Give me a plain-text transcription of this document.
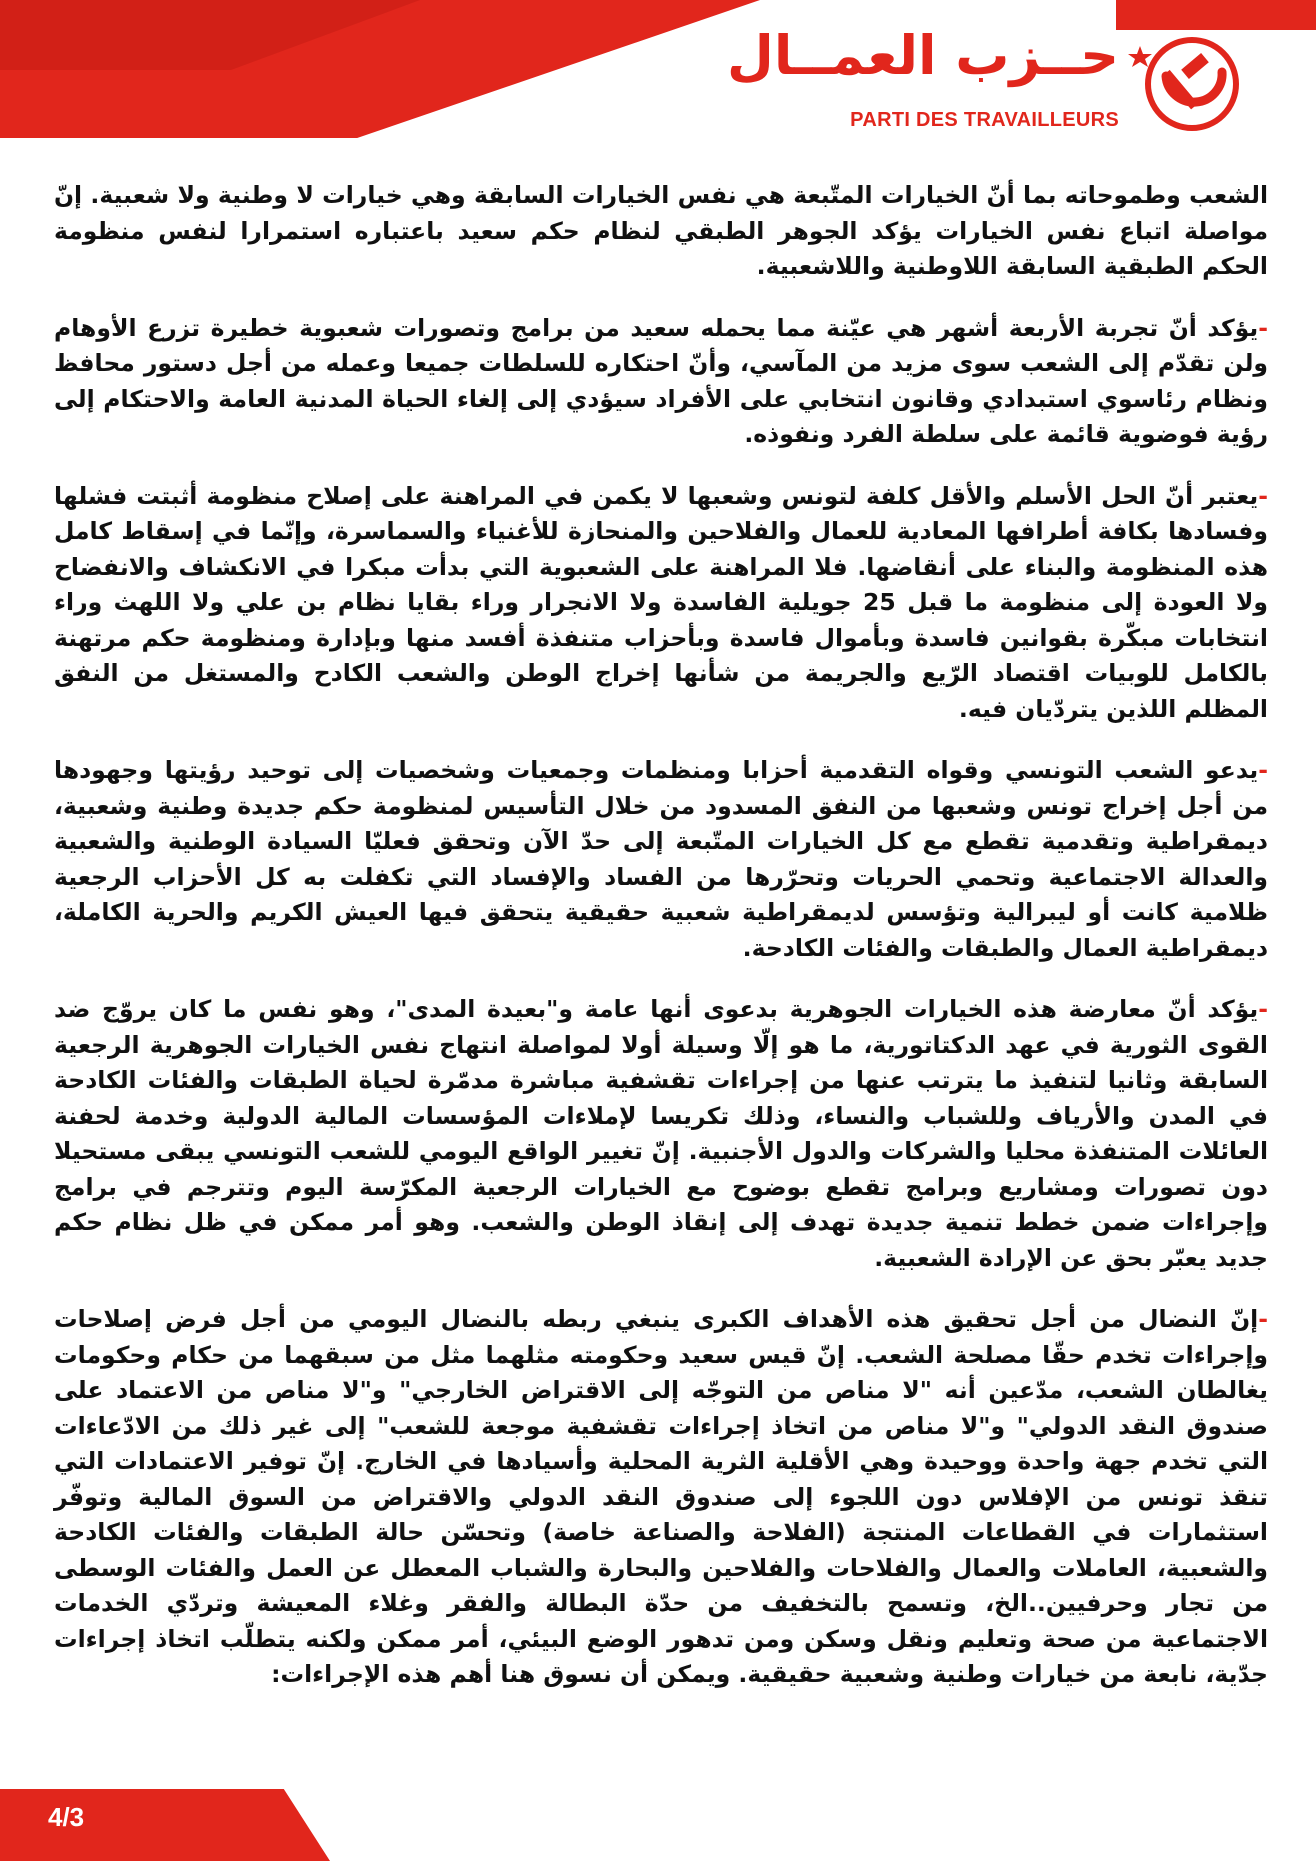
حــزب العمــال
PARTI DES TRAVAILLEURS

الشعب وطموحاته بما أنّ الخيارات المتّبعة هي نفس الخيارات السابقة وهي خيارات لا وطنية ولا شعبية. إنّ مواصلة اتباع نفس الخيارات يؤكد الجوهر الطبقي لنظام حكم سعيد باعتباره استمرارا لنفس منظومة الحكم الطبقية السابقة اللاوطنية واللاشعبية.

-يؤكد أنّ تجربة الأربعة أشهر هي عيّنة مما يحمله سعيد من برامج وتصورات شعبوية خطيرة تزرع الأوهام ولن تقدّم إلى الشعب سوى مزيد من المآسي، وأنّ احتكاره للسلطات جميعا وعمله من أجل دستور محافظ ونظام رئاسوي استبدادي وقانون انتخابي على الأفراد سيؤدي إلى إلغاء الحياة المدنية العامة والاحتكام إلى رؤية فوضوية قائمة على سلطة الفرد ونفوذه.

-يعتبر أنّ الحل الأسلم والأقل كلفة لتونس وشعبها لا يكمن في المراهنة على إصلاح منظومة أثبتت فشلها وفسادها بكافة أطرافها المعادية للعمال والفلاحين والمنحازة للأغنياء والسماسرة، وإنّما في إسقاط كامل هذه المنظومة والبناء على أنقاضها. فلا المراهنة على الشعبوية التي بدأت مبكرا في الانكشاف والانفضاح ولا العودة إلى منظومة ما قبل 25 جويلية الفاسدة ولا الانجرار وراء بقايا نظام بن علي ولا اللهث وراء انتخابات مبكّرة بقوانين فاسدة وبأموال فاسدة وبأحزاب متنفذة أفسد منها وبإدارة ومنظومة حكم مرتهنة بالكامل للوبيات اقتصاد الرّيع والجريمة من شأنها إخراج الوطن والشعب الكادح والمستغل من النفق المظلم اللذين يتردّيان فيه.

-يدعو الشعب التونسي وقواه التقدمية أحزابا ومنظمات وجمعيات وشخصيات إلى توحيد رؤيتها وجهودها من أجل إخراج تونس وشعبها من النفق المسدود من خلال التأسيس لمنظومة حكم جديدة وطنية وشعبية، ديمقراطية وتقدمية تقطع مع كل الخيارات المتّبعة إلى حدّ الآن وتحقق فعليّا السيادة الوطنية والشعبية والعدالة الاجتماعية وتحمي الحريات وتحرّرها من الفساد والإفساد التي تكفلت به كل الأحزاب الرجعية ظلامية كانت أو ليبرالية وتؤسس لديمقراطية شعبية حقيقية يتحقق فيها العيش الكريم والحرية الكاملة، ديمقراطية العمال والطبقات والفئات الكادحة.

-يؤكد أنّ معارضة هذه الخيارات الجوهرية بدعوى أنها عامة و"بعيدة المدى"، وهو نفس ما كان يروّج ضد القوى الثورية في عهد الدكتاتورية، ما هو إلّا وسيلة أولا لمواصلة انتهاج نفس الخيارات الجوهرية الرجعية السابقة وثانيا لتنفيذ ما يترتب عنها من إجراءات تقشفية مباشرة مدمّرة لحياة الطبقات والفئات الكادحة في المدن والأرياف وللشباب والنساء، وذلك تكريسا لإملاءات المؤسسات المالية الدولية وخدمة لحفنة العائلات المتنفذة محليا والشركات والدول الأجنبية. إنّ تغيير الواقع اليومي للشعب التونسي يبقى مستحيلا دون تصورات ومشاريع وبرامج تقطع بوضوح مع الخيارات الرجعية المكرّسة اليوم وتترجم في برامج وإجراءات ضمن خطط تنمية جديدة تهدف إلى إنقاذ الوطن والشعب. وهو أمر ممكن في ظل نظام حكم جديد يعبّر بحق عن الإرادة الشعبية.

-إنّ النضال من أجل تحقيق هذه الأهداف الكبرى ينبغي ربطه بالنضال اليومي من أجل فرض إصلاحات وإجراءات تخدم حقّا مصلحة الشعب. إنّ قيس سعيد وحكومته مثلهما مثل من سبقهما من حكام وحكومات يغالطان الشعب، مدّعين أنه "لا مناص من التوجّه إلى الاقتراض الخارجي" و"لا مناص من الاعتماد على صندوق النقد الدولي" و"لا مناص من اتخاذ إجراءات تقشفية موجعة للشعب" إلى غير ذلك من الادّعاءات التي تخدم جهة واحدة ووحيدة وهي الأقلية الثرية المحلية وأسيادها في الخارج. إنّ توفير الاعتمادات التي تنقذ تونس من الإفلاس دون اللجوء إلى صندوق النقد الدولي والاقتراض من السوق المالية وتوفّر استثمارات في القطاعات المنتجة (الفلاحة والصناعة خاصة) وتحسّن حالة الطبقات والفئات الكادحة والشعبية، العاملات والعمال والفلاحات والفلاحين والبحارة والشباب المعطل عن العمل والفئات الوسطى من تجار وحرفيين..الخ، وتسمح بالتخفيف من حدّة البطالة والفقر وغلاء المعيشة وتردّي الخدمات الاجتماعية من صحة وتعليم ونقل وسكن ومن تدهور الوضع البيئي، أمر ممكن ولكنه يتطلّب اتخاذ إجراءات جدّية، نابعة من خيارات وطنية وشعبية حقيقية. ويمكن أن نسوق هنا أهم هذه الإجراءات:

4/3
